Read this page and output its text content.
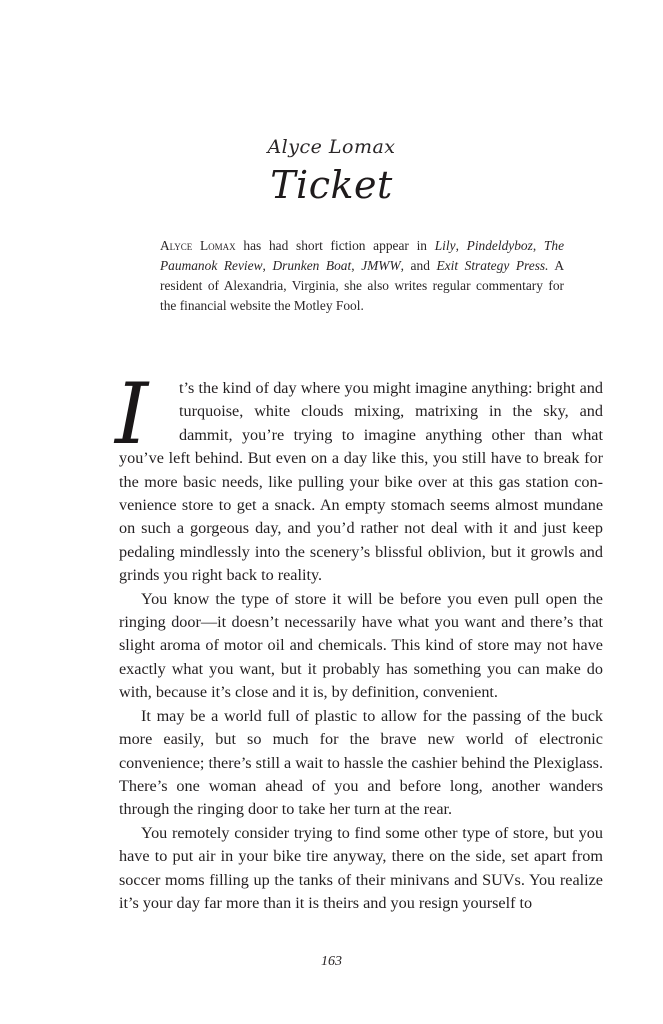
Alyce Lomax
Ticket
Alyce Lomax has had short fiction appear in Lily, Pindeldyboz, The Paumanok Review, Drunken Boat, JMWW, and Exit Strategy Press. A resident of Alexandria, Virginia, she also writes regular commentary for the financial website the Motley Fool.

I	t’s the kind of day where you might imagine anything: bright and turquoise, white clouds mixing, matrixing in the sky, and dammit, you’re trying to imagine anything other than what you’ve left behind. But even on a day like this, you still have to break for the more basic needs, like pulling your bike over at this gas station convenience store to get a snack. An empty stomach seems almost mundane on such a gorgeous day, and you’d rather not deal with it and just keep pedaling mindlessly into the scenery’s blissful oblivion, but it growls and grinds you right back to reality.

You know the type of store it will be before you even pull open the ringing door—it doesn’t necessarily have what you want and there’s that slight aroma of motor oil and chemicals. This kind of store may not have exactly what you want, but it probably has something you can make do with, because it’s close and it is, by definition, convenient.

It may be a world full of plastic to allow for the passing of the buck more easily, but so much for the brave new world of electronic convenience; there’s still a wait to hassle the cashier behind the Plexiglass. There’s one woman ahead of you and before long, another wanders through the ringing door to take her turn at the rear.

You remotely consider trying to find some other type of store, but you have to put air in your bike tire anyway, there on the side, set apart from soccer moms filling up the tanks of their minivans and SUVs. You realize it’s your day far more than it is theirs and you resign yourself to

163
